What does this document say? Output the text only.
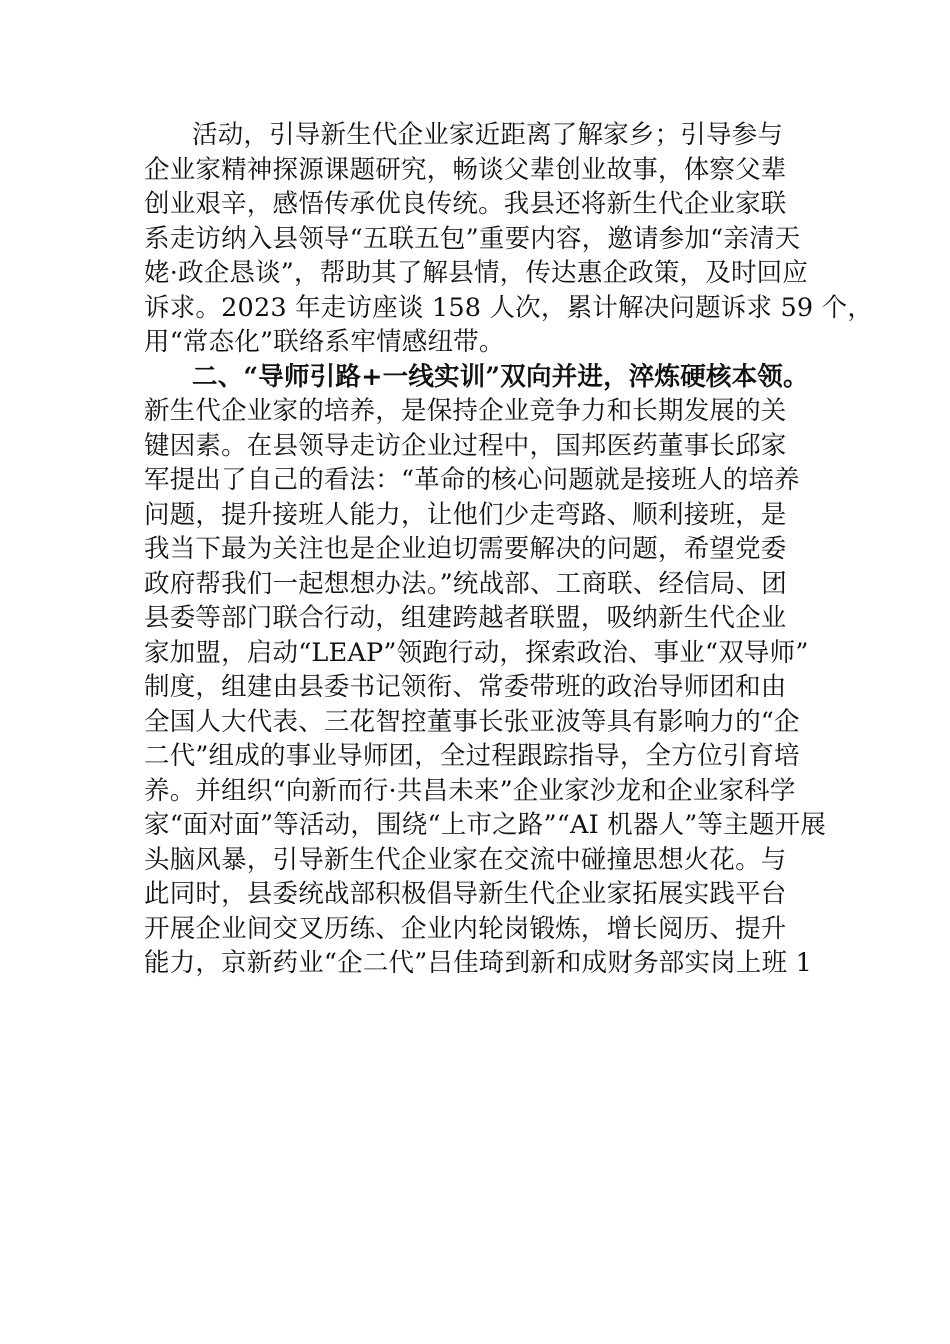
活动，引导新生代企业家近距离了解家乡；引导参与
企业家精神探源课题研究，畅谈父辈创业故事，体察父辈
创业艰辛，感悟传承优良传统。我县还将新生代企业家联
系走访纳入县领导“五联五包”重要内容，邀请参加“亲清天
姥·政企恳谈”，帮助其了解县情，传达惠企政策，及时回应
诉求。2023 年走访座谈 158 人次，累计解决问题诉求 59 个，
用“常态化”联络系牢情感纽带。
二、“导师引路+一线实训”双向并进，淬炼硬核本领。
新生代企业家的培养，是保持企业竞争力和长期发展的关
键因素。在县领导走访企业过程中，国邦医药董事长邱家
军提出了自己的看法：“革命的核心问题就是接班人的培养
问题，提升接班人能力，让他们少走弯路、顺利接班，是
我当下最为关注也是企业迫切需要解决的问题，希望党委
政府帮我们一起想想办法。”统战部、工商联、经信局、团
县委等部门联合行动，组建跨越者联盟，吸纳新生代企业
家加盟，启动“LEAP”领跑行动，探索政治、事业“双导师”
制度，组建由县委书记领衔、常委带班的政治导师团和由
全国人大代表、三花智控董事长张亚波等具有影响力的“企
二代”组成的事业导师团，全过程跟踪指导，全方位引育培
养。并组织“向新而行·共昌未来”企业家沙龙和企业家科学
家“面对面”等活动，围绕“上市之路”“AI 机器人”等主题开展
头脑风暴，引导新生代企业家在交流中碰撞思想火花。与
此同时，县委统战部积极倡导新生代企业家拓展实践平台
开展企业间交叉历练、企业内轮岗锻炼，增长阅历、提升
能力，京新药业“企二代”吕佳琦到新和成财务部实岗上班 1
